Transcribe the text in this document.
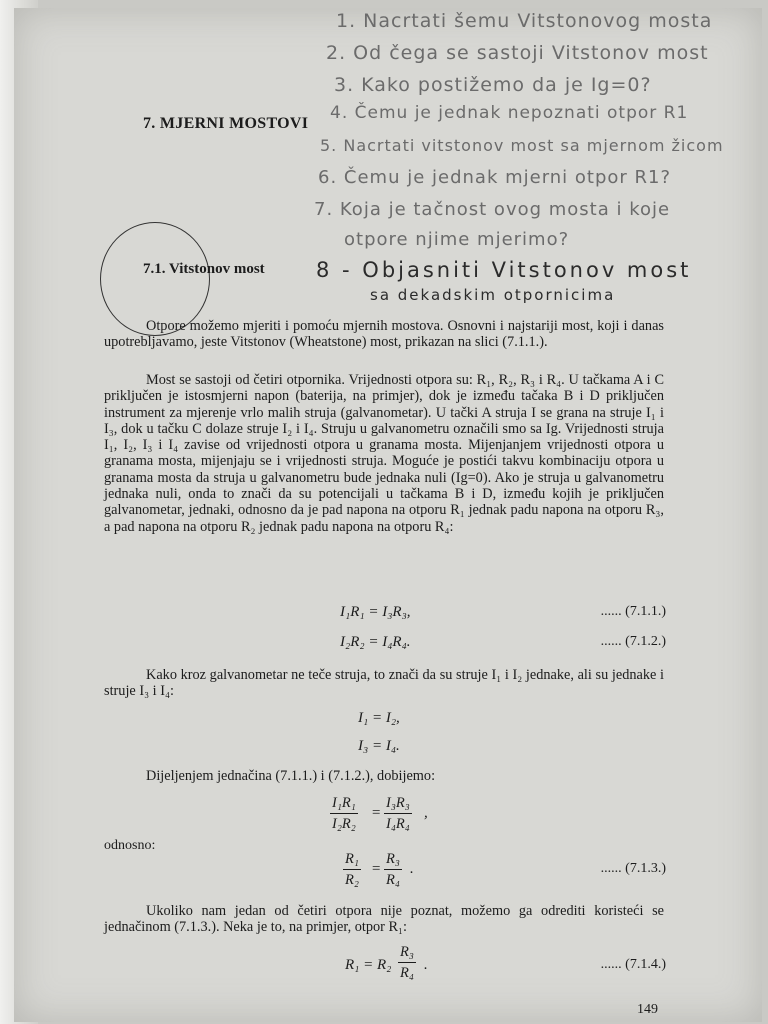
1. Nacrtati šemu Vitstonovog mosta
2. Od čega se sastoji Vitstonov most
3. Kako postižemo da je Ig=0?
4. Čemu je jednak nepoznati otpor R1
5. Nacrtati vitstonov most sa mjernom žicom
6. Čemu je jednak mjerni otpor R1?
7. Koja je tačnost ovog mosta i koje
otpore njime mjerimo?
8 - Objasniti Vitstonov most
sa dekadskim otpornicima
7. MJERNI MOSTOVI
7.1. Vitstonov most
Otpore možemo mjeriti i pomoću mjernih mostova. Osnovni i najstariji most, koji i danas upotrebljavamo, jeste Vitstonov (Wheatstone) most, prikazan na slici (7.1.1.).
Most se sastoji od četiri otpornika. Vrijednosti otpora su: R₁, R₂, R₃ i R₄. U tačkama A i C priključen je istosmjerni napon (baterija, na primjer), dok je između tačaka B i D priključen instrument za mjerenje vrlo malih struja (galvanometar). U tački A struja I se grana na struje I₁ i I₃, dok u tačku C dolaze struje I₂ i I₄. Struju u galvanometru označili smo sa Ig. Vrijednosti struja I₁, I₂, I₃ i I₄ zavise od vrijednosti otpora u granama mosta. Mijenjanjem vrijednosti otpora u granama mosta, mijenjaju se i vrijednosti struja. Moguće je postići takvu kombinaciju otpora u granama mosta da struja u galvanometru bude jednaka nuli (Ig=0). Ako je struja u galvanometru jednaka nuli, onda to znači da su potencijali u tačkama B i D, između kojih je priključen galvanometar, jednaki, odnosno da je pad napona na otporu R₁ jednak padu napona na otporu R₃, a pad napona na otporu R₂ jednak padu napona na otporu R₄:
I₁R₁ = I₃R₃,	...... (7.1.1.)
I₂R₂ = I₄R₄.	...... (7.1.2.)
Kako kroz galvanometar ne teče struja, to znači da su struje I₁ i I₂ jednake, ali su jednake i struje I₃ i I₄:
I₁ = I₂,
I₃ = I₄.
Dijeljenjem jednačina (7.1.1.) i (7.1.2.), dobijemo:
$\frac{\text{I₁R₁}}{\text{I₂R₂}} = \frac{\text{I₃R₃}}{\text{I₄R₄}}$ ,
odnosno:
$\frac{\text{R₁}}{\text{R₂}} = \frac{\text{R₃}}{\text{R₄}}$ .	...... (7.1.3.)
Ukoliko nam jedan od četiri otpora nije poznat, možemo ga odrediti koristeći se jednačinom (7.1.3.). Neka je to, na primjer, otpor R₁:
$R_1 = R_2 \frac{\text{R₃}}{\text{R₄}}$ .	...... (7.1.4.)
149
